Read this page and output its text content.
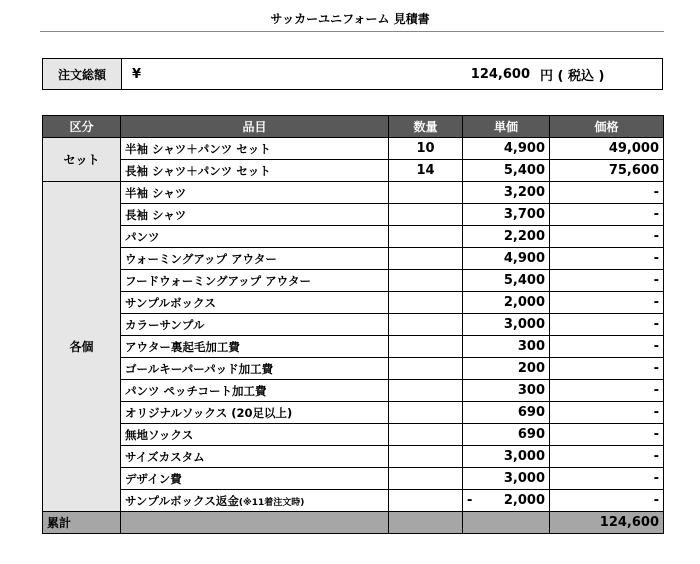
サッカーユニフォーム 見積書
注文総額	¥	124,600 円 ( 税込 )
区分	品目	数量	単価	価格
セット	半袖 シャツ＋パンツ セット	10	4,900	49,000
	長袖 シャツ＋パンツ セット	14	5,400	75,600
各個	半袖 シャツ		3,200	-
	長袖 シャツ		3,700	-
	パンツ		2,200	-
	ウォーミングアップ アウター		4,900	-
	フードウォーミングアップ アウター		5,400	-
	サンプルボックス		2,000	-
	カラーサンプル		3,000	-
	アウター裏起毛加工費		300	-
	ゴールキーパーパッド加工費		200	-
	パンツ ペッチコート加工費		300	-
	オリジナルソックス (20足以上)		690	-
	無地ソックス		690	-
	サイズカスタム		3,000	-
	デザイン費		3,000	-
	サンプルボックス返金(※11着注文時)		- 2,000	-
累計				124,600
